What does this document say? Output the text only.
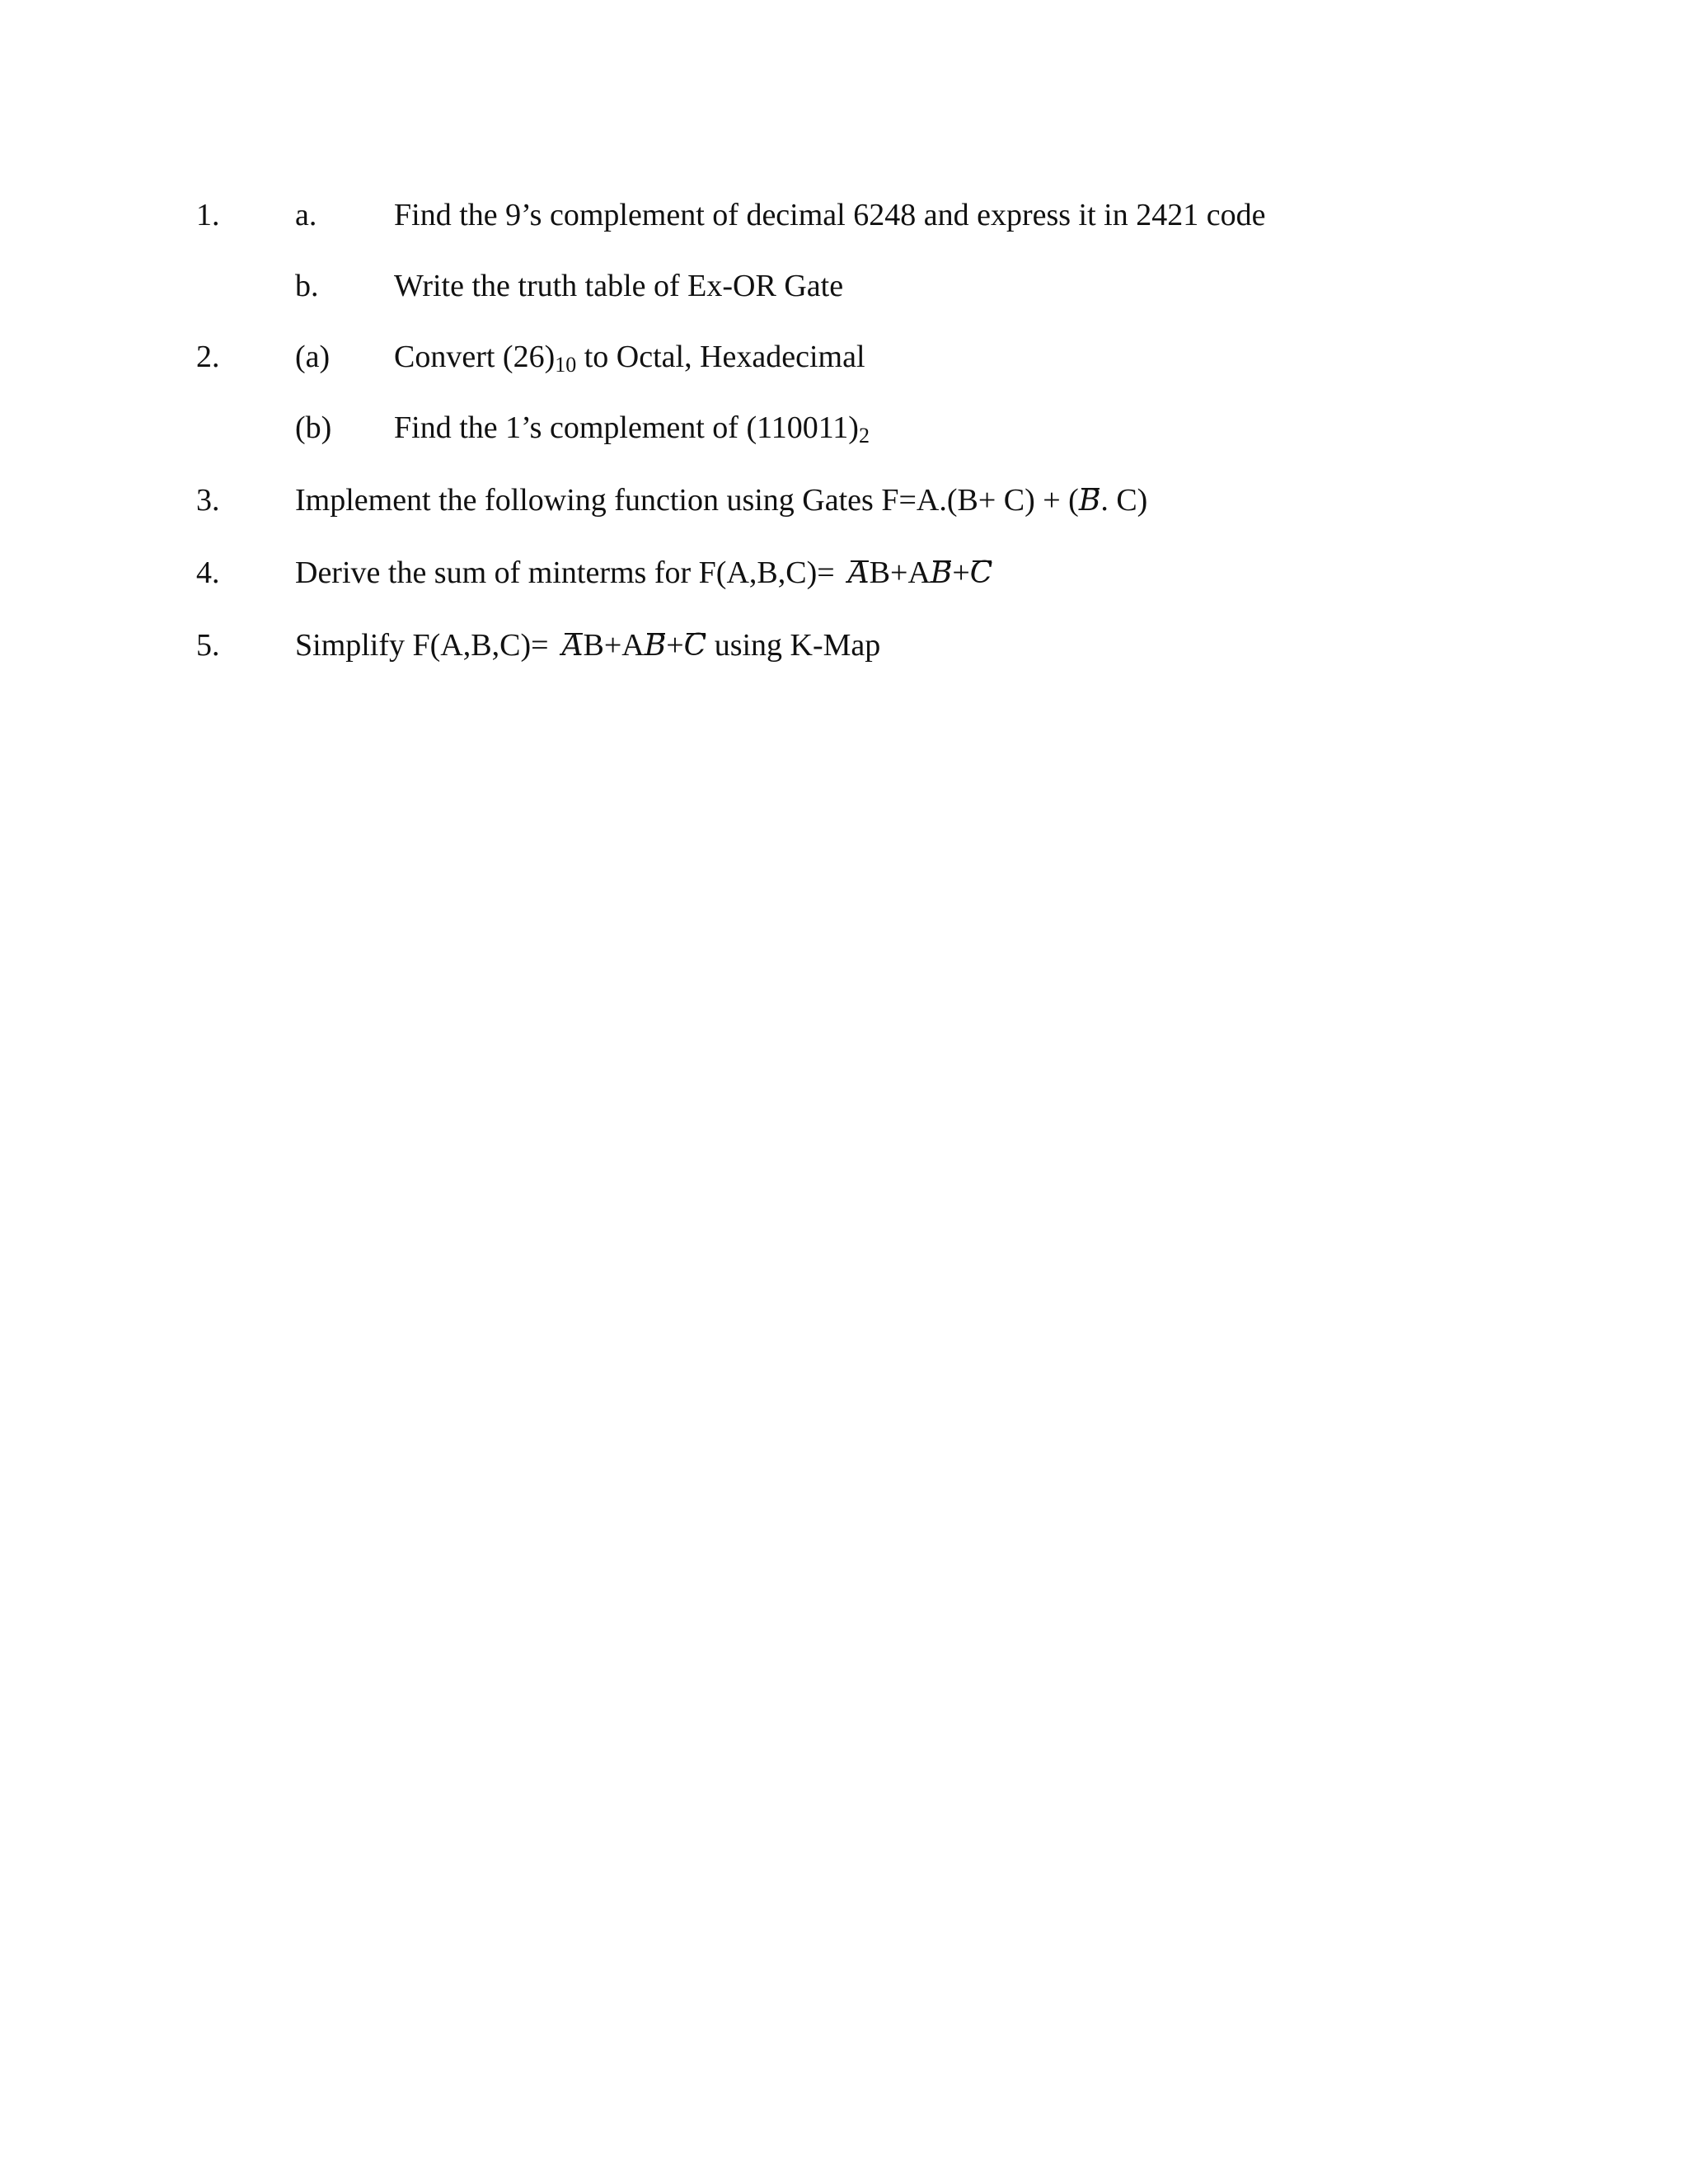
1. a. Find the 9’s complement of decimal 6248 and express it in 2421 code
b. Write the truth table of Ex-OR Gate
2. (a) Convert $(26)_{10}$ to Octal, Hexadecimal
(b) Find the 1’s complement of $(110011)_2$
3. Implement the following function using Gates F=A.(B+ C) + (B. C)
4. Derive the sum of minterms for F(A,B,C)= AB+AB+C
5. Simplify F(A,B,C)= AB+AB+C using K-Map
